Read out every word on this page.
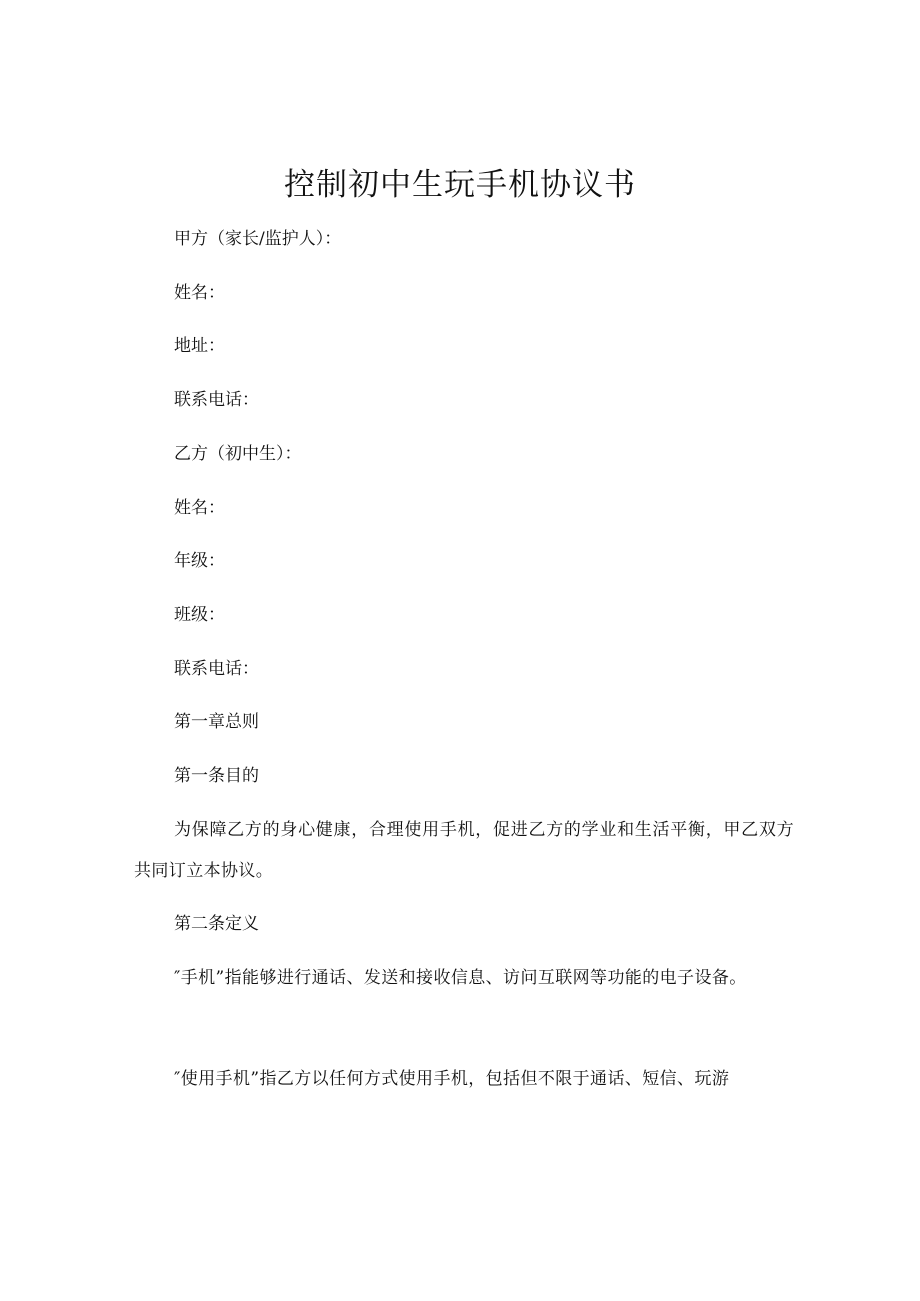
控制初中生玩手机协议书

甲方（家长/监护人）：

姓名：

地址：

联系电话：

乙方（初中生）：

姓名：

年级：

班级：

联系电话：

第一章总则

第一条目的

为保障乙方的身心健康，合理使用手机，促进乙方的学业和生活平衡，甲乙双方共同订立本协议。

第二条定义

″手机”指能够进行通话、发送和接收信息、访问互联网等功能的电子设备。

″使用手机”指乙方以任何方式使用手机，包括但不限于通话、短信、玩游
